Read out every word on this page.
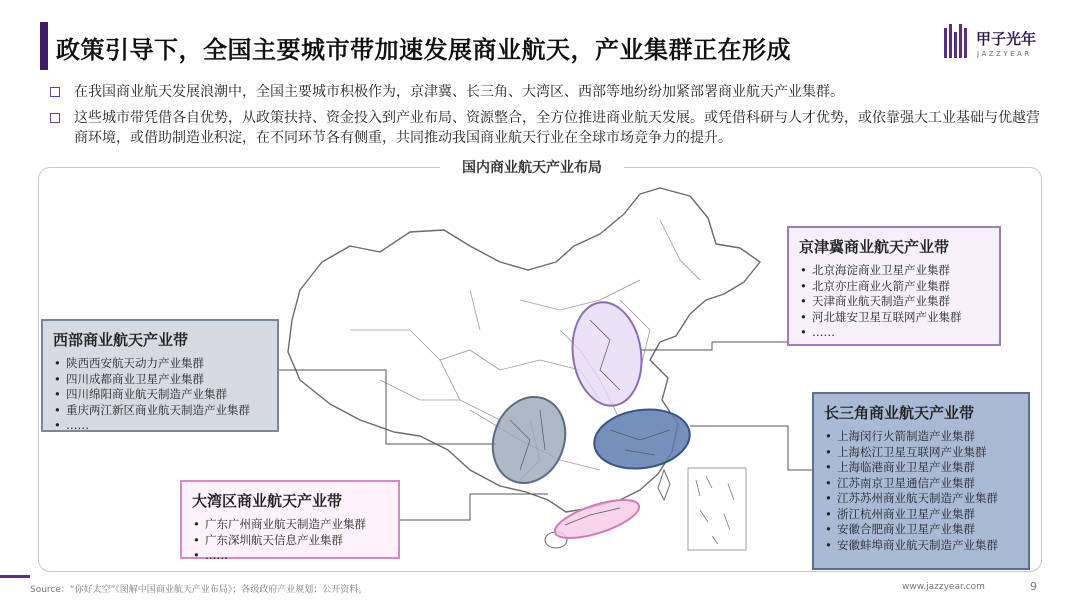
政策引导下，全国主要城市带加速发展商业航天，产业集群正在形成	甲子光年
JAZZYEAR
在我国商业航天发展浪潮中，全国主要城市积极作为，京津冀、长三角、大湾区、西部等地纷纷加紧部署商业航天产业集群。
这些城市带凭借各自优势，从政策扶持、资金投入到产业布局、资源整合，全方位推进商业航天发展。或凭借科研与人才优势，或依靠强大工业基础与优越营商环境，或借助制造业积淀，在不同环节各有侧重，共同推动我国商业航天行业在全球市场竞争力的提升。
国内商业航天产业布局
西部商业航天产业带
• 陕西西安航天动力产业集群
• 四川成都商业卫星产业集群
• 四川绵阳商业航天制造产业集群
• 重庆两江新区商业航天制造产业集群
• ……
京津冀商业航天产业带
• 北京海淀商业卫星产业集群
• 北京亦庄商业火箭产业集群
• 天津商业航天制造产业集群
• 河北雄安卫星互联网产业集群
• ……
长三角商业航天产业带
• 上海闵行火箭制造产业集群
• 上海松江卫星互联网产业集群
• 上海临港商业卫星产业集群
• 江苏南京卫星通信产业集群
• 江苏苏州商业航天制造产业集群
• 浙江杭州商业卫星产业集群
• 安徽合肥商业卫星产业集群
• 安徽蚌埠商业航天制造产业集群
大湾区商业航天产业带
• 广东广州商业航天制造产业集群
• 广东深圳航天信息产业集群
• ……
Source：“你好太空”《图解中国商业航天产业布局》；各级政府产业规划；公开资料。	www.jazzyear.com	9
